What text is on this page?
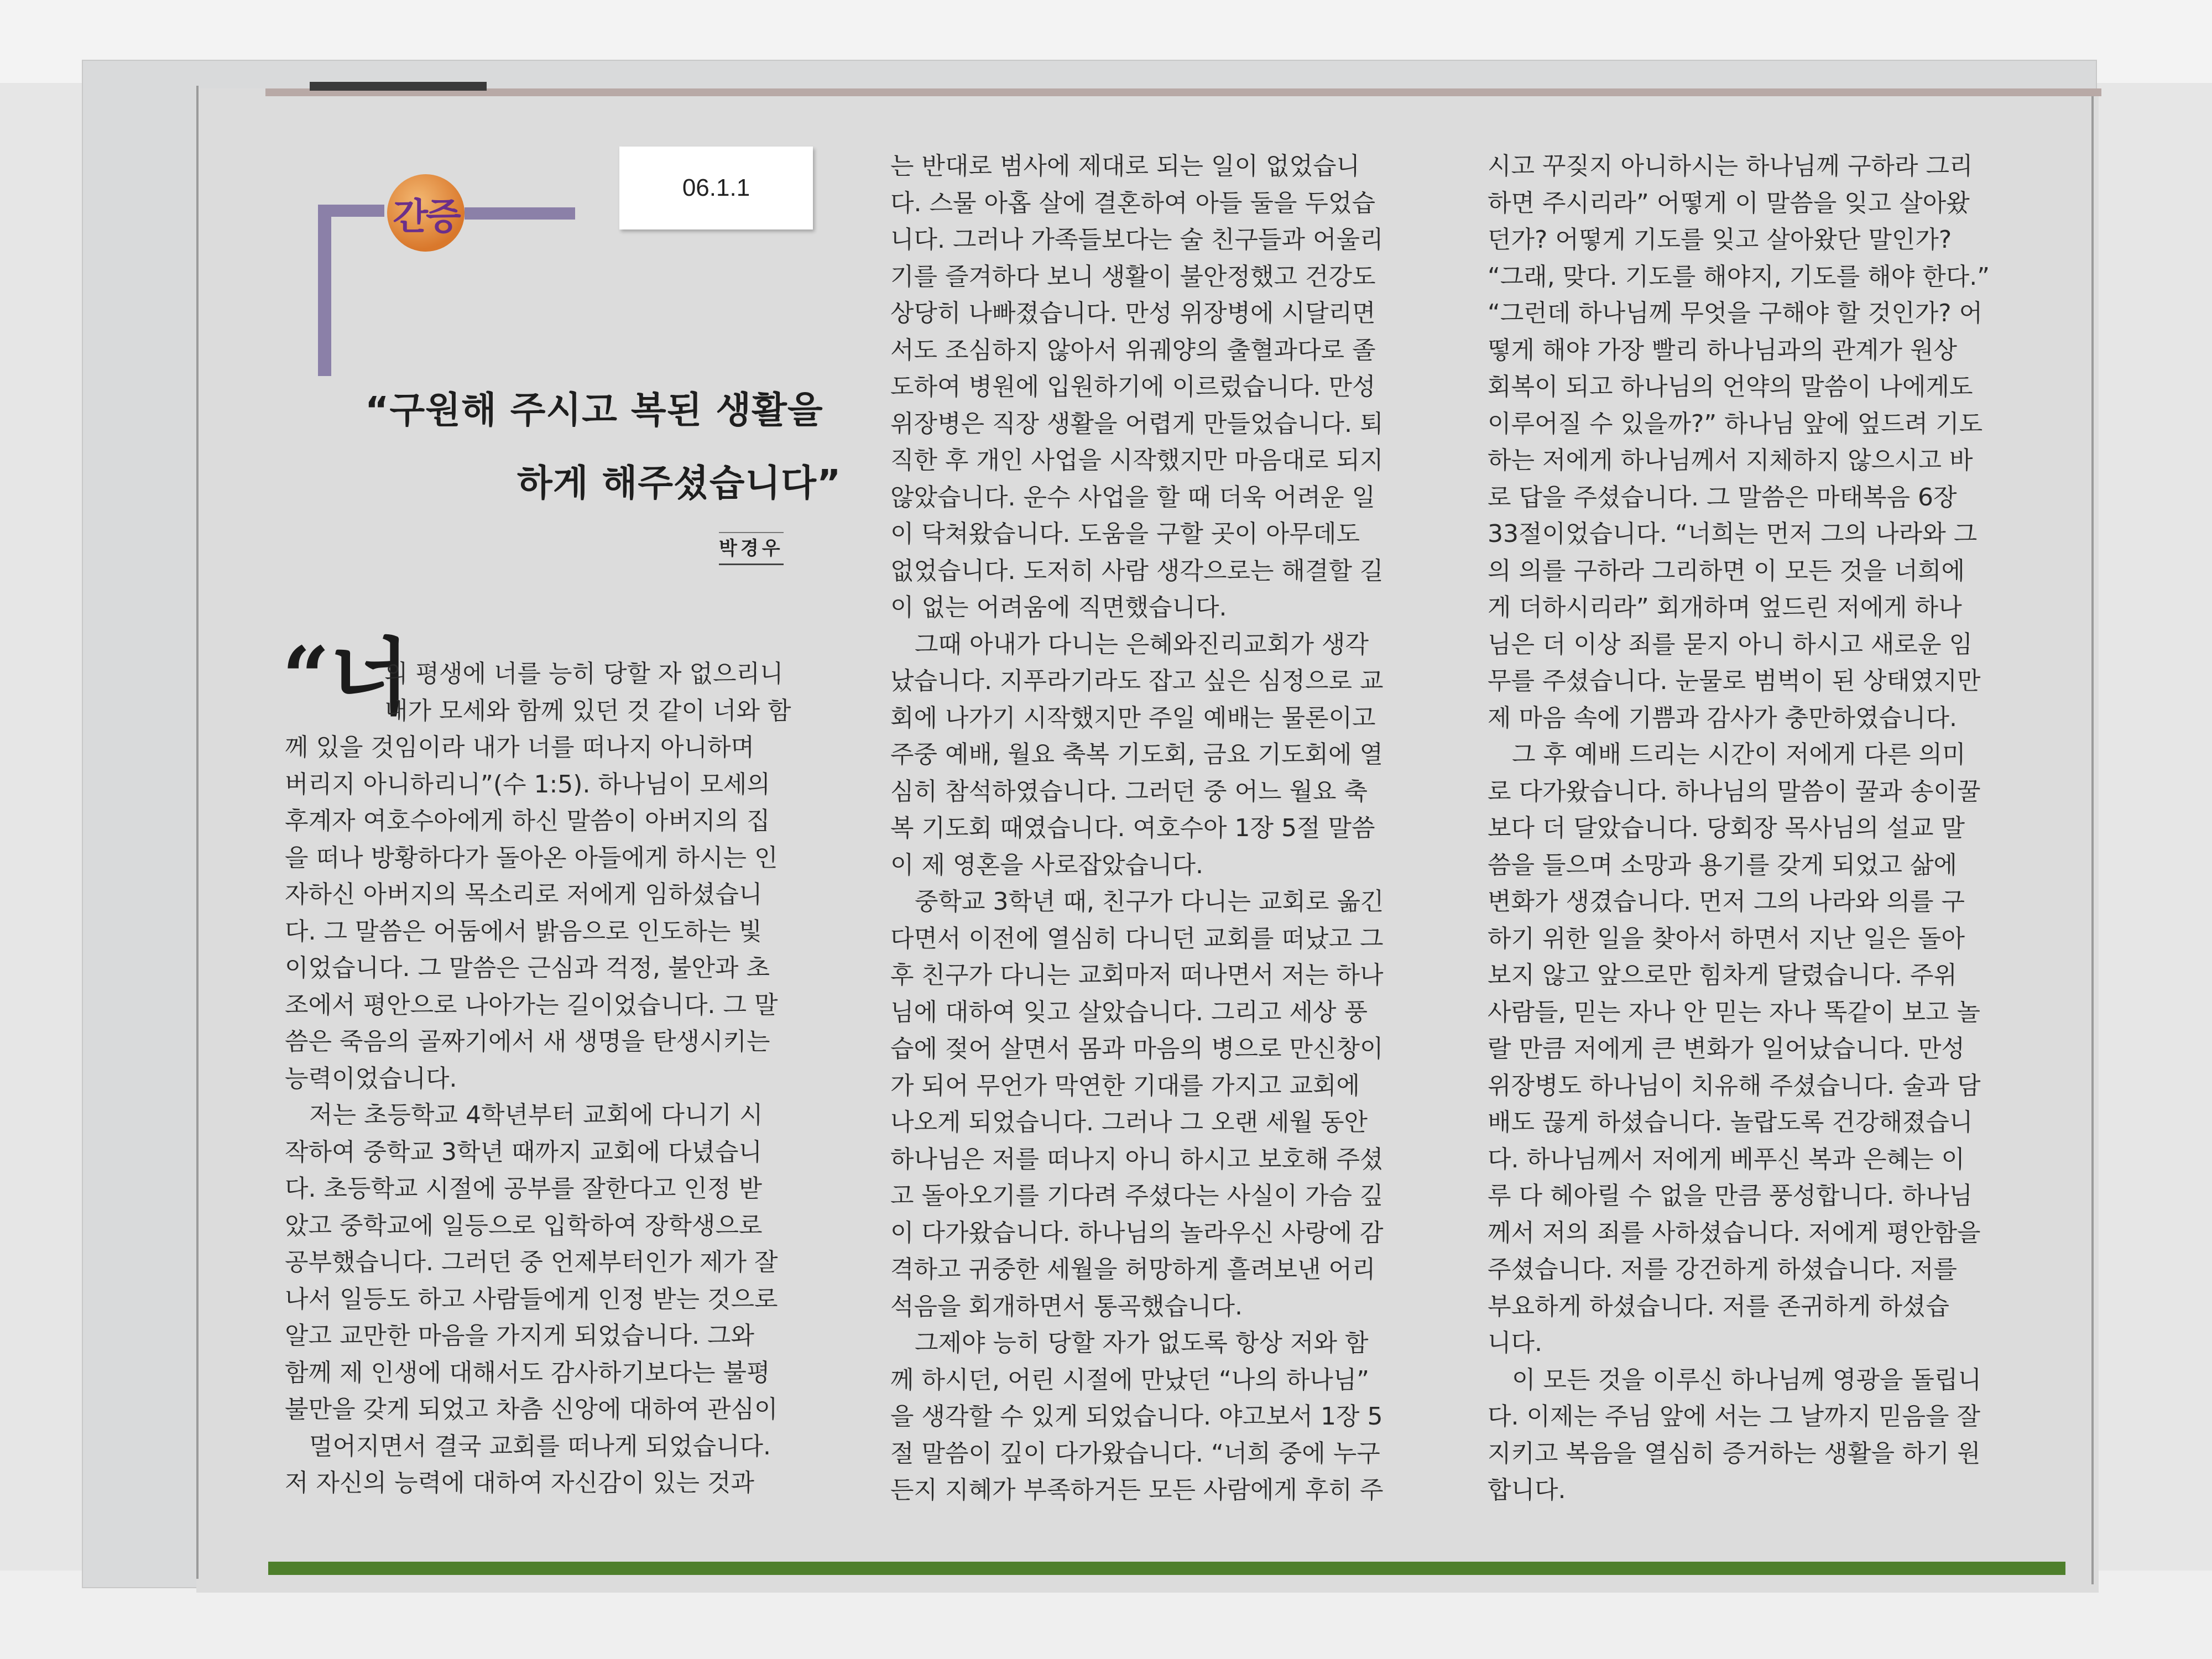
간증
06.1.1
“구원해 주시고 복된 생활을
하게 해주셨습니다”
박경우
“너
의 평생에 너를 능히 당할 자 없으리니
내가 모세와 함께 있던 것 같이 너와 함
께 있을 것임이라 내가 너를 떠나지 아니하며
버리지 아니하리니”(수 1:5). 하나님이 모세의
후계자 여호수아에게 하신 말씀이 아버지의 집
을 떠나 방황하다가 돌아온 아들에게 하시는 인
자하신 아버지의 목소리로 저에게 임하셨습니
다. 그 말씀은 어둠에서 밝음으로 인도하는 빛
이었습니다. 그 말씀은 근심과 걱정, 불안과 초
조에서 평안으로 나아가는 길이었습니다. 그 말
씀은 죽음의 골짜기에서 새 생명을 탄생시키는
능력이었습니다.
저는 초등학교 4학년부터 교회에 다니기 시
작하여 중학교 3학년 때까지 교회에 다녔습니
다. 초등학교 시절에 공부를 잘한다고 인정 받
았고 중학교에 일등으로 입학하여 장학생으로
공부했습니다. 그러던 중 언제부터인가 제가 잘
나서 일등도 하고 사람들에게 인정 받는 것으로
알고 교만한 마음을 가지게 되었습니다. 그와
함께 제 인생에 대해서도 감사하기보다는 불평
불만을 갖게 되었고 차츰 신앙에 대하여 관심이
멀어지면서 결국 교회를 떠나게 되었습니다.
저 자신의 능력에 대하여 자신감이 있는 것과
는 반대로 범사에 제대로 되는 일이 없었습니
다. 스물 아홉 살에 결혼하여 아들 둘을 두었습
니다. 그러나 가족들보다는 술 친구들과 어울리
기를 즐겨하다 보니 생활이 불안정했고 건강도
상당히 나빠졌습니다. 만성 위장병에 시달리면
서도 조심하지 않아서 위궤양의 출혈과다로 졸
도하여 병원에 입원하기에 이르렀습니다. 만성
위장병은 직장 생활을 어렵게 만들었습니다. 퇴
직한 후 개인 사업을 시작했지만 마음대로 되지
않았습니다. 운수 사업을 할 때 더욱 어려운 일
이 닥쳐왔습니다. 도움을 구할 곳이 아무데도
없었습니다. 도저히 사람 생각으로는 해결할 길
이 없는 어려움에 직면했습니다.
그때 아내가 다니는 은혜와진리교회가 생각
났습니다. 지푸라기라도 잡고 싶은 심정으로 교
회에 나가기 시작했지만 주일 예배는 물론이고
주중 예배, 월요 축복 기도회, 금요 기도회에 열
심히 참석하였습니다. 그러던 중 어느 월요 축
복 기도회 때였습니다. 여호수아 1장 5절 말씀
이 제 영혼을 사로잡았습니다.
중학교 3학년 때, 친구가 다니는 교회로 옮긴
다면서 이전에 열심히 다니던 교회를 떠났고 그
후 친구가 다니는 교회마저 떠나면서 저는 하나
님에 대하여 잊고 살았습니다. 그리고 세상 풍
습에 젖어 살면서 몸과 마음의 병으로 만신창이
가 되어 무언가 막연한 기대를 가지고 교회에
나오게 되었습니다. 그러나 그 오랜 세월 동안
하나님은 저를 떠나지 아니 하시고 보호해 주셨
고 돌아오기를 기다려 주셨다는 사실이 가슴 깊
이 다가왔습니다. 하나님의 놀라우신 사랑에 감
격하고 귀중한 세월을 허망하게 흘려보낸 어리
석음을 회개하면서 통곡했습니다.
그제야 능히 당할 자가 없도록 항상 저와 함
께 하시던, 어린 시절에 만났던 “나의 하나님”
을 생각할 수 있게 되었습니다. 야고보서 1장 5
절 말씀이 깊이 다가왔습니다. “너희 중에 누구
든지 지혜가 부족하거든 모든 사람에게 후히 주
시고 꾸짖지 아니하시는 하나님께 구하라 그리
하면 주시리라” 어떻게 이 말씀을 잊고 살아왔
던가? 어떻게 기도를 잊고 살아왔단 말인가?
“그래, 맞다. 기도를 해야지, 기도를 해야 한다.”
“그런데 하나님께 무엇을 구해야 할 것인가? 어
떻게 해야 가장 빨리 하나님과의 관계가 원상
회복이 되고 하나님의 언약의 말씀이 나에게도
이루어질 수 있을까?” 하나님 앞에 엎드려 기도
하는 저에게 하나님께서 지체하지 않으시고 바
로 답을 주셨습니다. 그 말씀은 마태복음 6장
33절이었습니다. “너희는 먼저 그의 나라와 그
의 의를 구하라 그리하면 이 모든 것을 너희에
게 더하시리라” 회개하며 엎드린 저에게 하나
님은 더 이상 죄를 묻지 아니 하시고 새로운 임
무를 주셨습니다. 눈물로 범벅이 된 상태였지만
제 마음 속에 기쁨과 감사가 충만하였습니다.
그 후 예배 드리는 시간이 저에게 다른 의미
로 다가왔습니다. 하나님의 말씀이 꿀과 송이꿀
보다 더 달았습니다. 당회장 목사님의 설교 말
씀을 들으며 소망과 용기를 갖게 되었고 삶에
변화가 생겼습니다. 먼저 그의 나라와 의를 구
하기 위한 일을 찾아서 하면서 지난 일은 돌아
보지 않고 앞으로만 힘차게 달렸습니다. 주위
사람들, 믿는 자나 안 믿는 자나 똑같이 보고 놀
랄 만큼 저에게 큰 변화가 일어났습니다. 만성
위장병도 하나님이 치유해 주셨습니다. 술과 담
배도 끊게 하셨습니다. 놀랍도록 건강해졌습니
다. 하나님께서 저에게 베푸신 복과 은혜는 이
루 다 헤아릴 수 없을 만큼 풍성합니다. 하나님
께서 저의 죄를 사하셨습니다. 저에게 평안함을
주셨습니다. 저를 강건하게 하셨습니다. 저를
부요하게 하셨습니다. 저를 존귀하게 하셨습
니다.
이 모든 것을 이루신 하나님께 영광을 돌립니
다. 이제는 주님 앞에 서는 그 날까지 믿음을 잘
지키고 복음을 열심히 증거하는 생활을 하기 원
합니다.
